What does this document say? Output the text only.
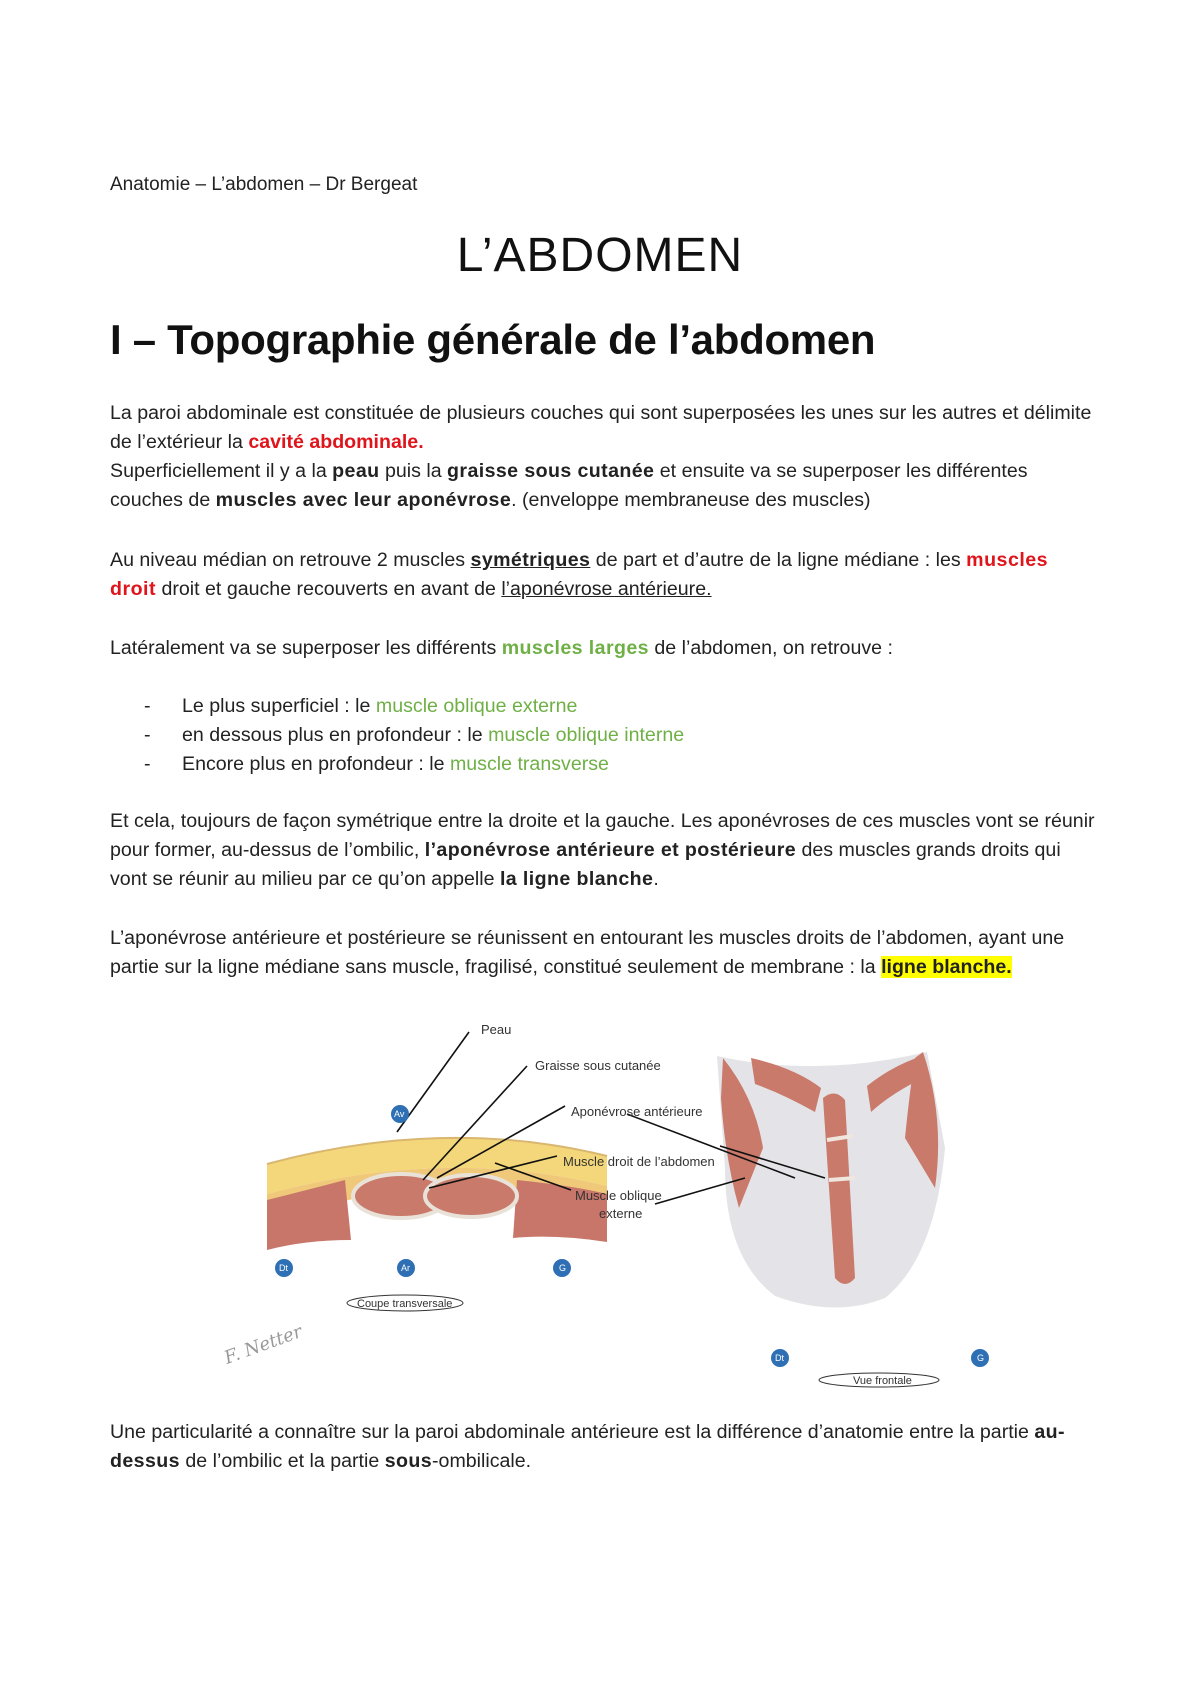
Anatomie – L’abdomen – Dr Bergeat
L’ABDOMEN
I – Topographie générale de l’abdomen
La paroi abdominale est constituée de plusieurs couches qui sont superposées les unes sur les autres et délimite de l’extérieur la cavité abdominale.
Superficiellement il y a la peau puis la graisse sous cutanée et ensuite va se superposer les différentes couches de muscles avec leur aponévrose. (enveloppe membraneuse des muscles)
Au niveau médian on retrouve 2 muscles symétriques de part et d’autre de la ligne médiane : les muscles droit droit et gauche recouverts en avant de l’aponévrose antérieure.
Latéralement va se superposer les différents muscles larges de l’abdomen, on retrouve :
- Le plus superficiel : le muscle oblique externe
- en dessous plus en profondeur : le muscle oblique interne
- Encore plus en profondeur : le muscle transverse
Et cela, toujours de façon symétrique entre la droite et la gauche. Les aponévroses de ces muscles vont se réunir pour former, au-dessus de l’ombilic, l’aponévrose antérieure et postérieure des muscles grands droits qui vont se réunir au milieu par ce qu’on appelle la ligne blanche.
L’aponévrose antérieure et postérieure se réunissent en entourant les muscles droits de l’abdomen, ayant une partie sur la ligne médiane sans muscle, fragilisé, constitué seulement de membrane : la ligne blanche.
Peau
Graisse sous cutanée
Aponévrose antérieure
Muscle droit de l’abdomen
Muscle oblique
externe
Av
Dt	Ar	G
Dt	G
Coupe transversale
Vue frontale
F. Netter
Une particularité a connaître sur la paroi abdominale antérieure est la différence d’anatomie entre la partie au-dessus de l’ombilic et la partie sous-ombilicale.
